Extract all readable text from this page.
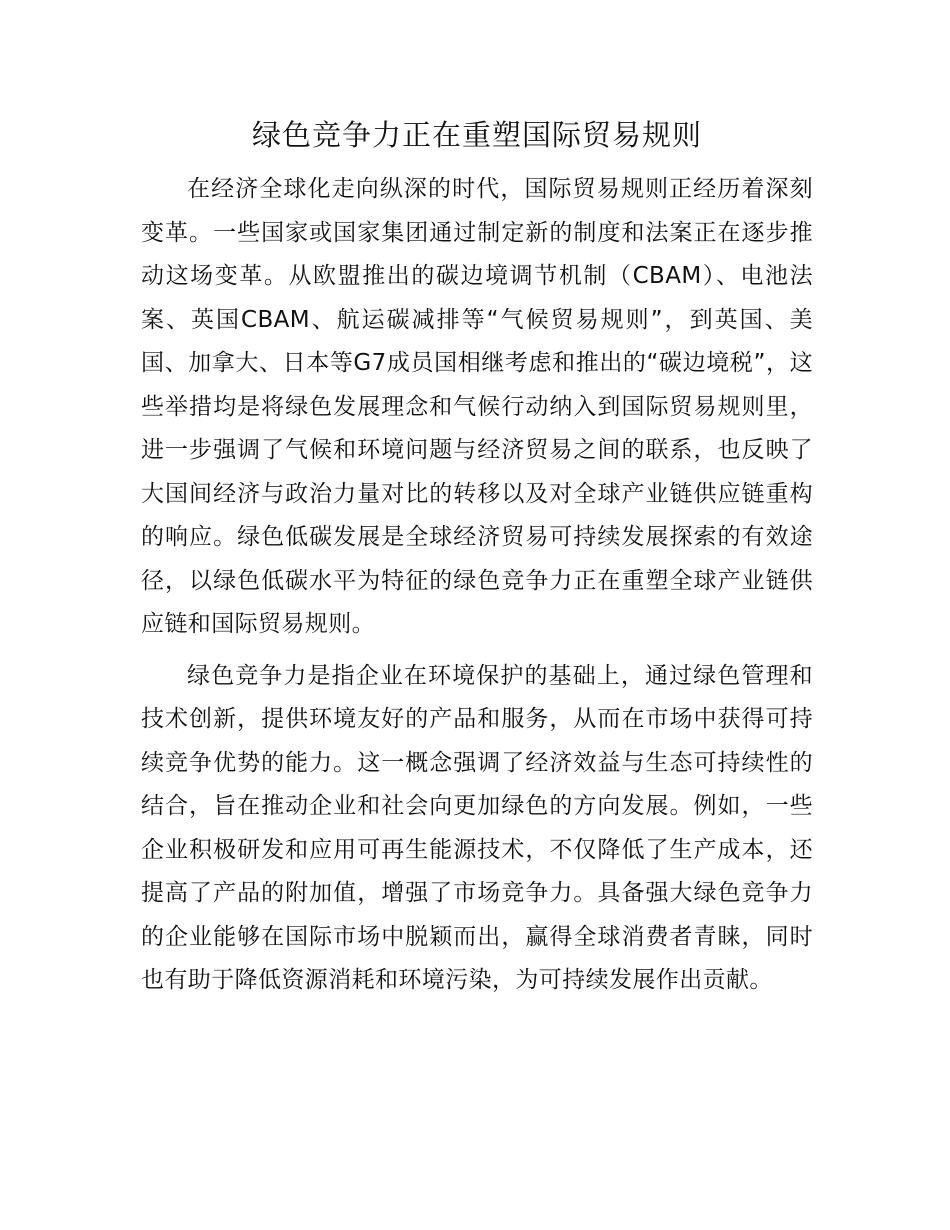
绿色竞争力正在重塑国际贸易规则

在经济全球化走向纵深的时代，国际贸易规则正经历着深刻变革。一些国家或国家集团通过制定新的制度和法案正在逐步推动这场变革。从欧盟推出的碳边境调节机制（CBAM）、电池法案、英国CBAM、航运碳减排等“气候贸易规则”，到英国、美国、加拿大、日本等G7成员国相继考虑和推出的“碳边境税”，这些举措均是将绿色发展理念和气候行动纳入到国际贸易规则里，进一步强调了气候和环境问题与经济贸易之间的联系，也反映了大国间经济与政治力量对比的转移以及对全球产业链供应链重构的响应。绿色低碳发展是全球经济贸易可持续发展探索的有效途径，以绿色低碳水平为特征的绿色竞争力正在重塑全球产业链供应链和国际贸易规则。

绿色竞争力是指企业在环境保护的基础上，通过绿色管理和技术创新，提供环境友好的产品和服务，从而在市场中获得可持续竞争优势的能力。这一概念强调了经济效益与生态可持续性的结合，旨在推动企业和社会向更加绿色的方向发展。例如，一些企业积极研发和应用可再生能源技术，不仅降低了生产成本，还提高了产品的附加值，增强了市场竞争力。具备强大绿色竞争力的企业能够在国际市场中脱颖而出，赢得全球消费者青睐，同时也有助于降低资源消耗和环境污染，为可持续发展作出贡献。
